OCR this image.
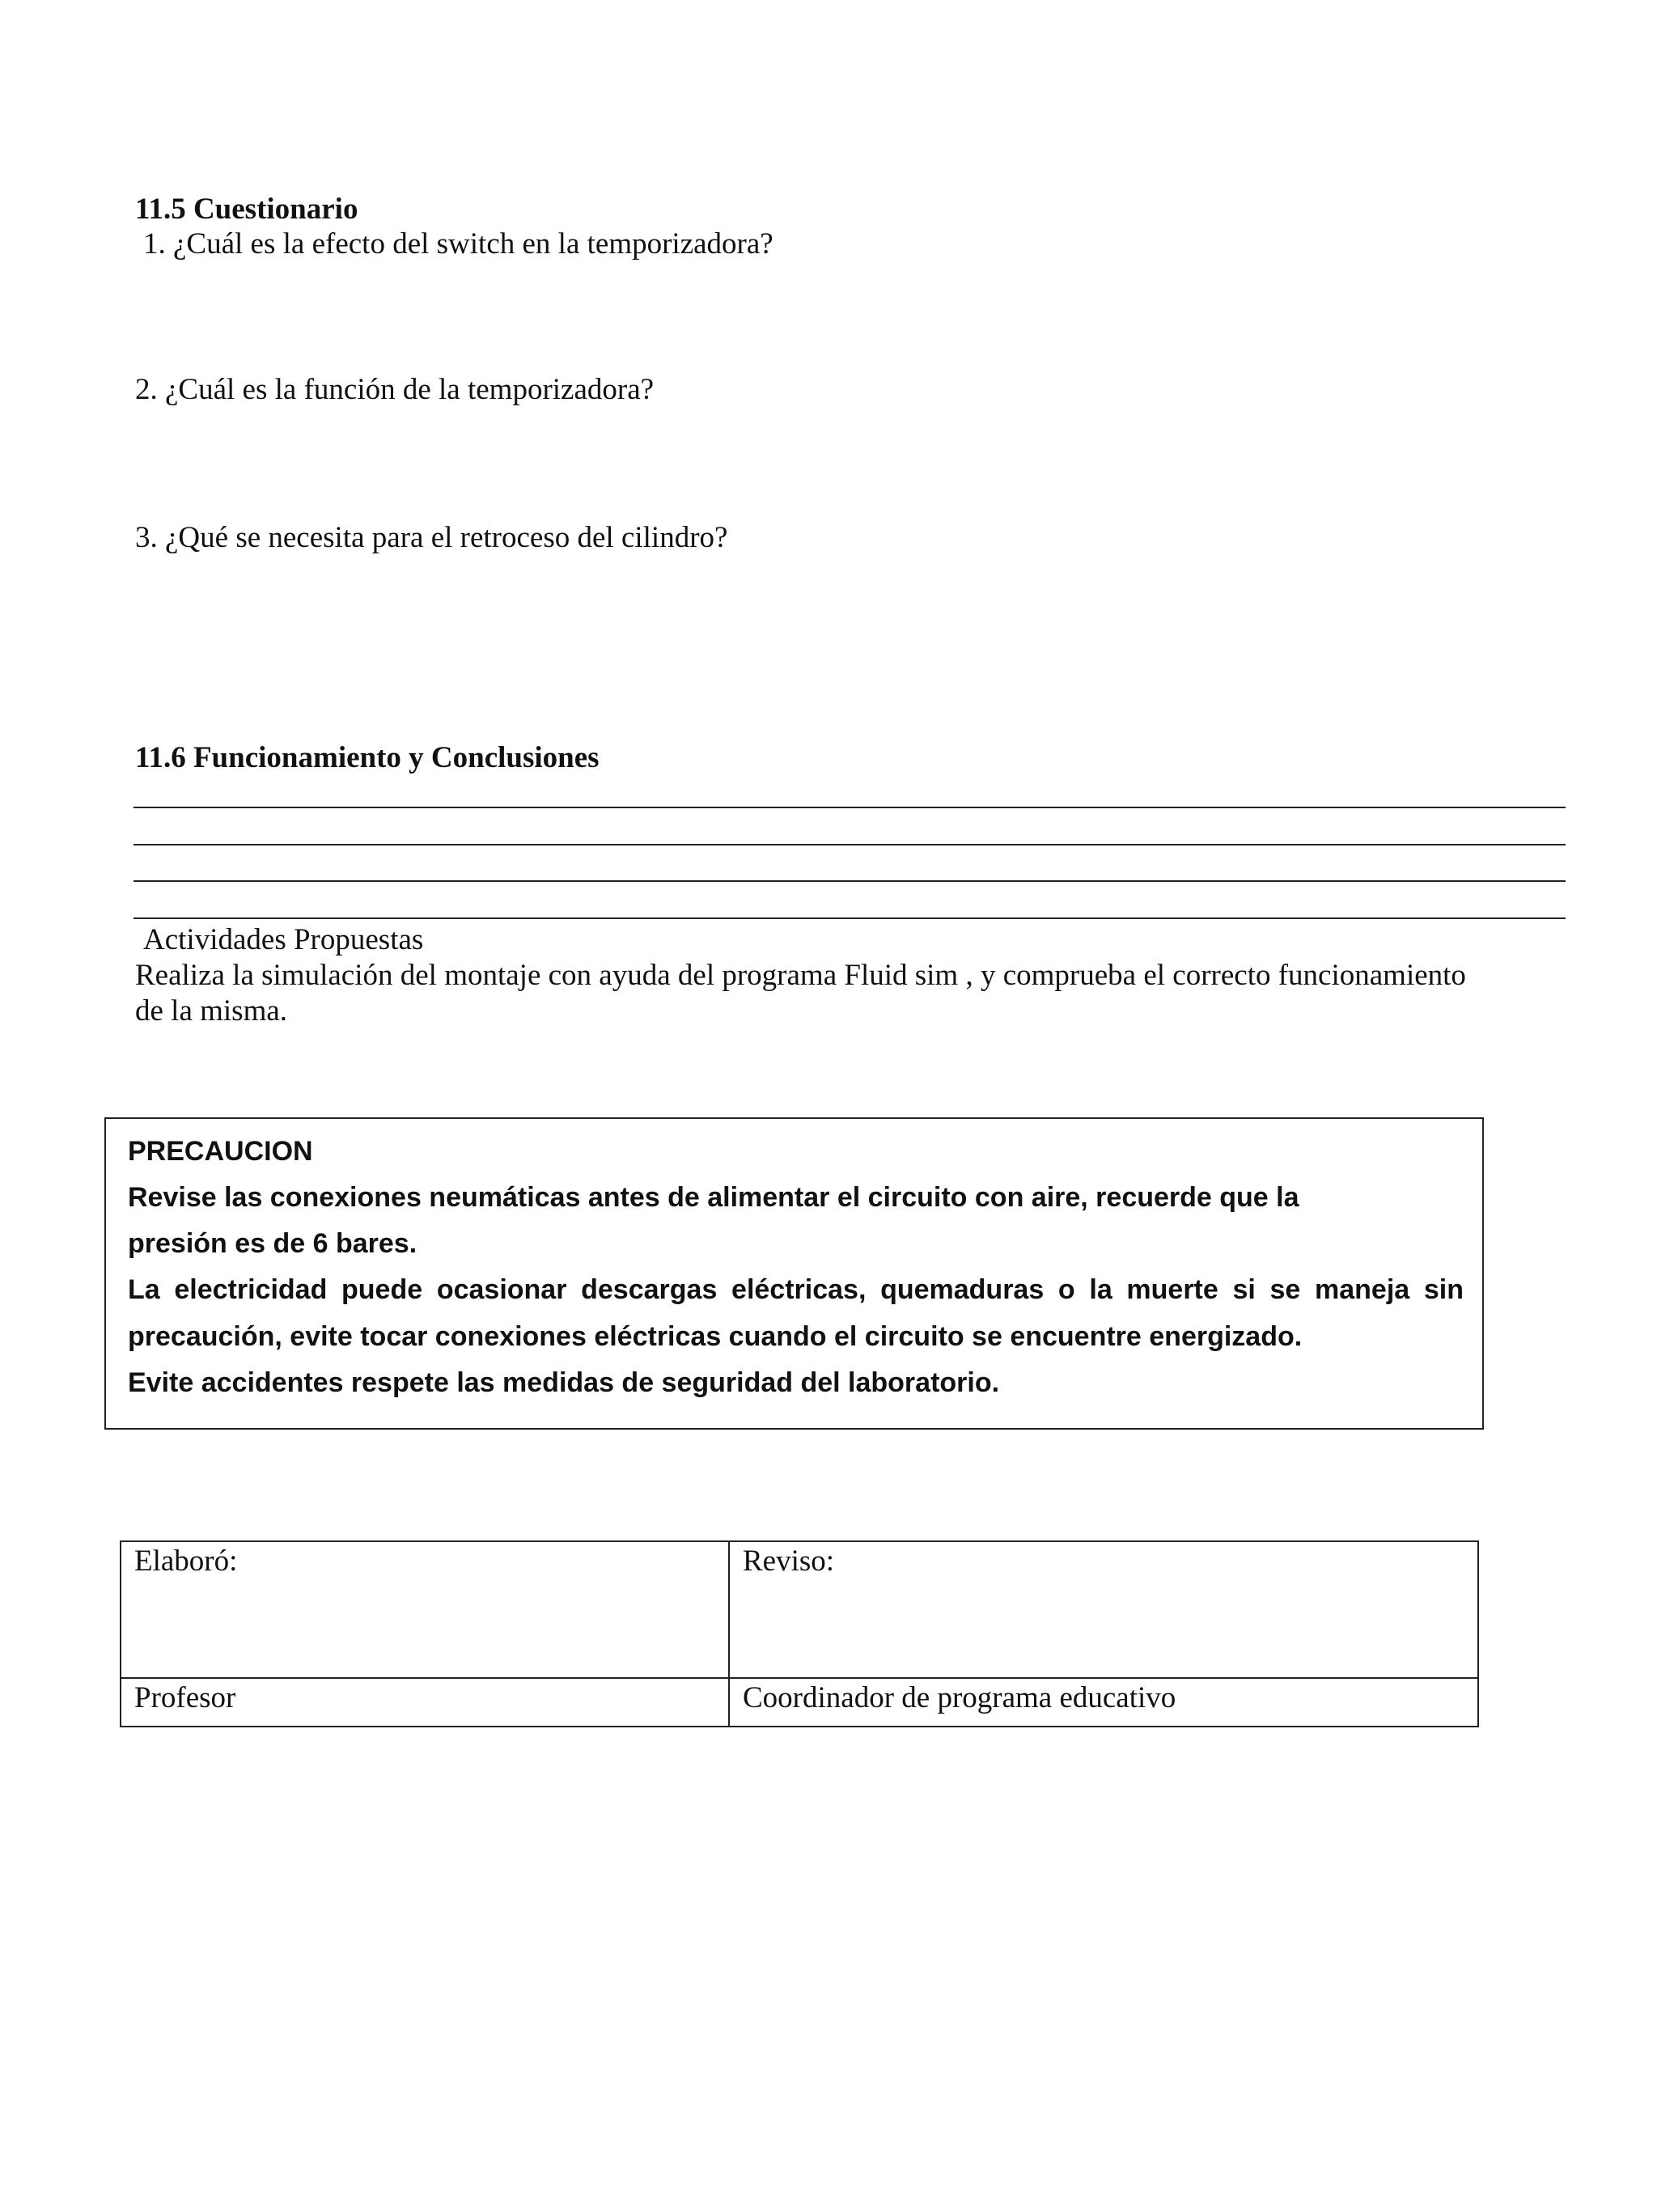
11.5 Cuestionario
1. ¿Cuál es la efecto del switch en la temporizadora?
2. ¿Cuál es la función de la temporizadora?
3. ¿Qué se necesita para el retroceso del cilindro?
11.6 Funcionamiento y Conclusiones
Actividades Propuestas
Realiza la simulación del montaje con ayuda del programa Fluid sim , y comprueba el correcto funcionamiento
de la misma.
PRECAUCION
Revise las conexiones neumáticas antes de alimentar el circuito con aire, recuerde que la
presión es de 6 bares.
La electricidad puede ocasionar descargas eléctricas, quemaduras o la muerte si se maneja sin
precaución, evite tocar conexiones eléctricas cuando el circuito se encuentre energizado.
Evite accidentes respete las medidas de seguridad del laboratorio.
Elaboró:	Reviso:
Profesor	Coordinador de programa educativo
